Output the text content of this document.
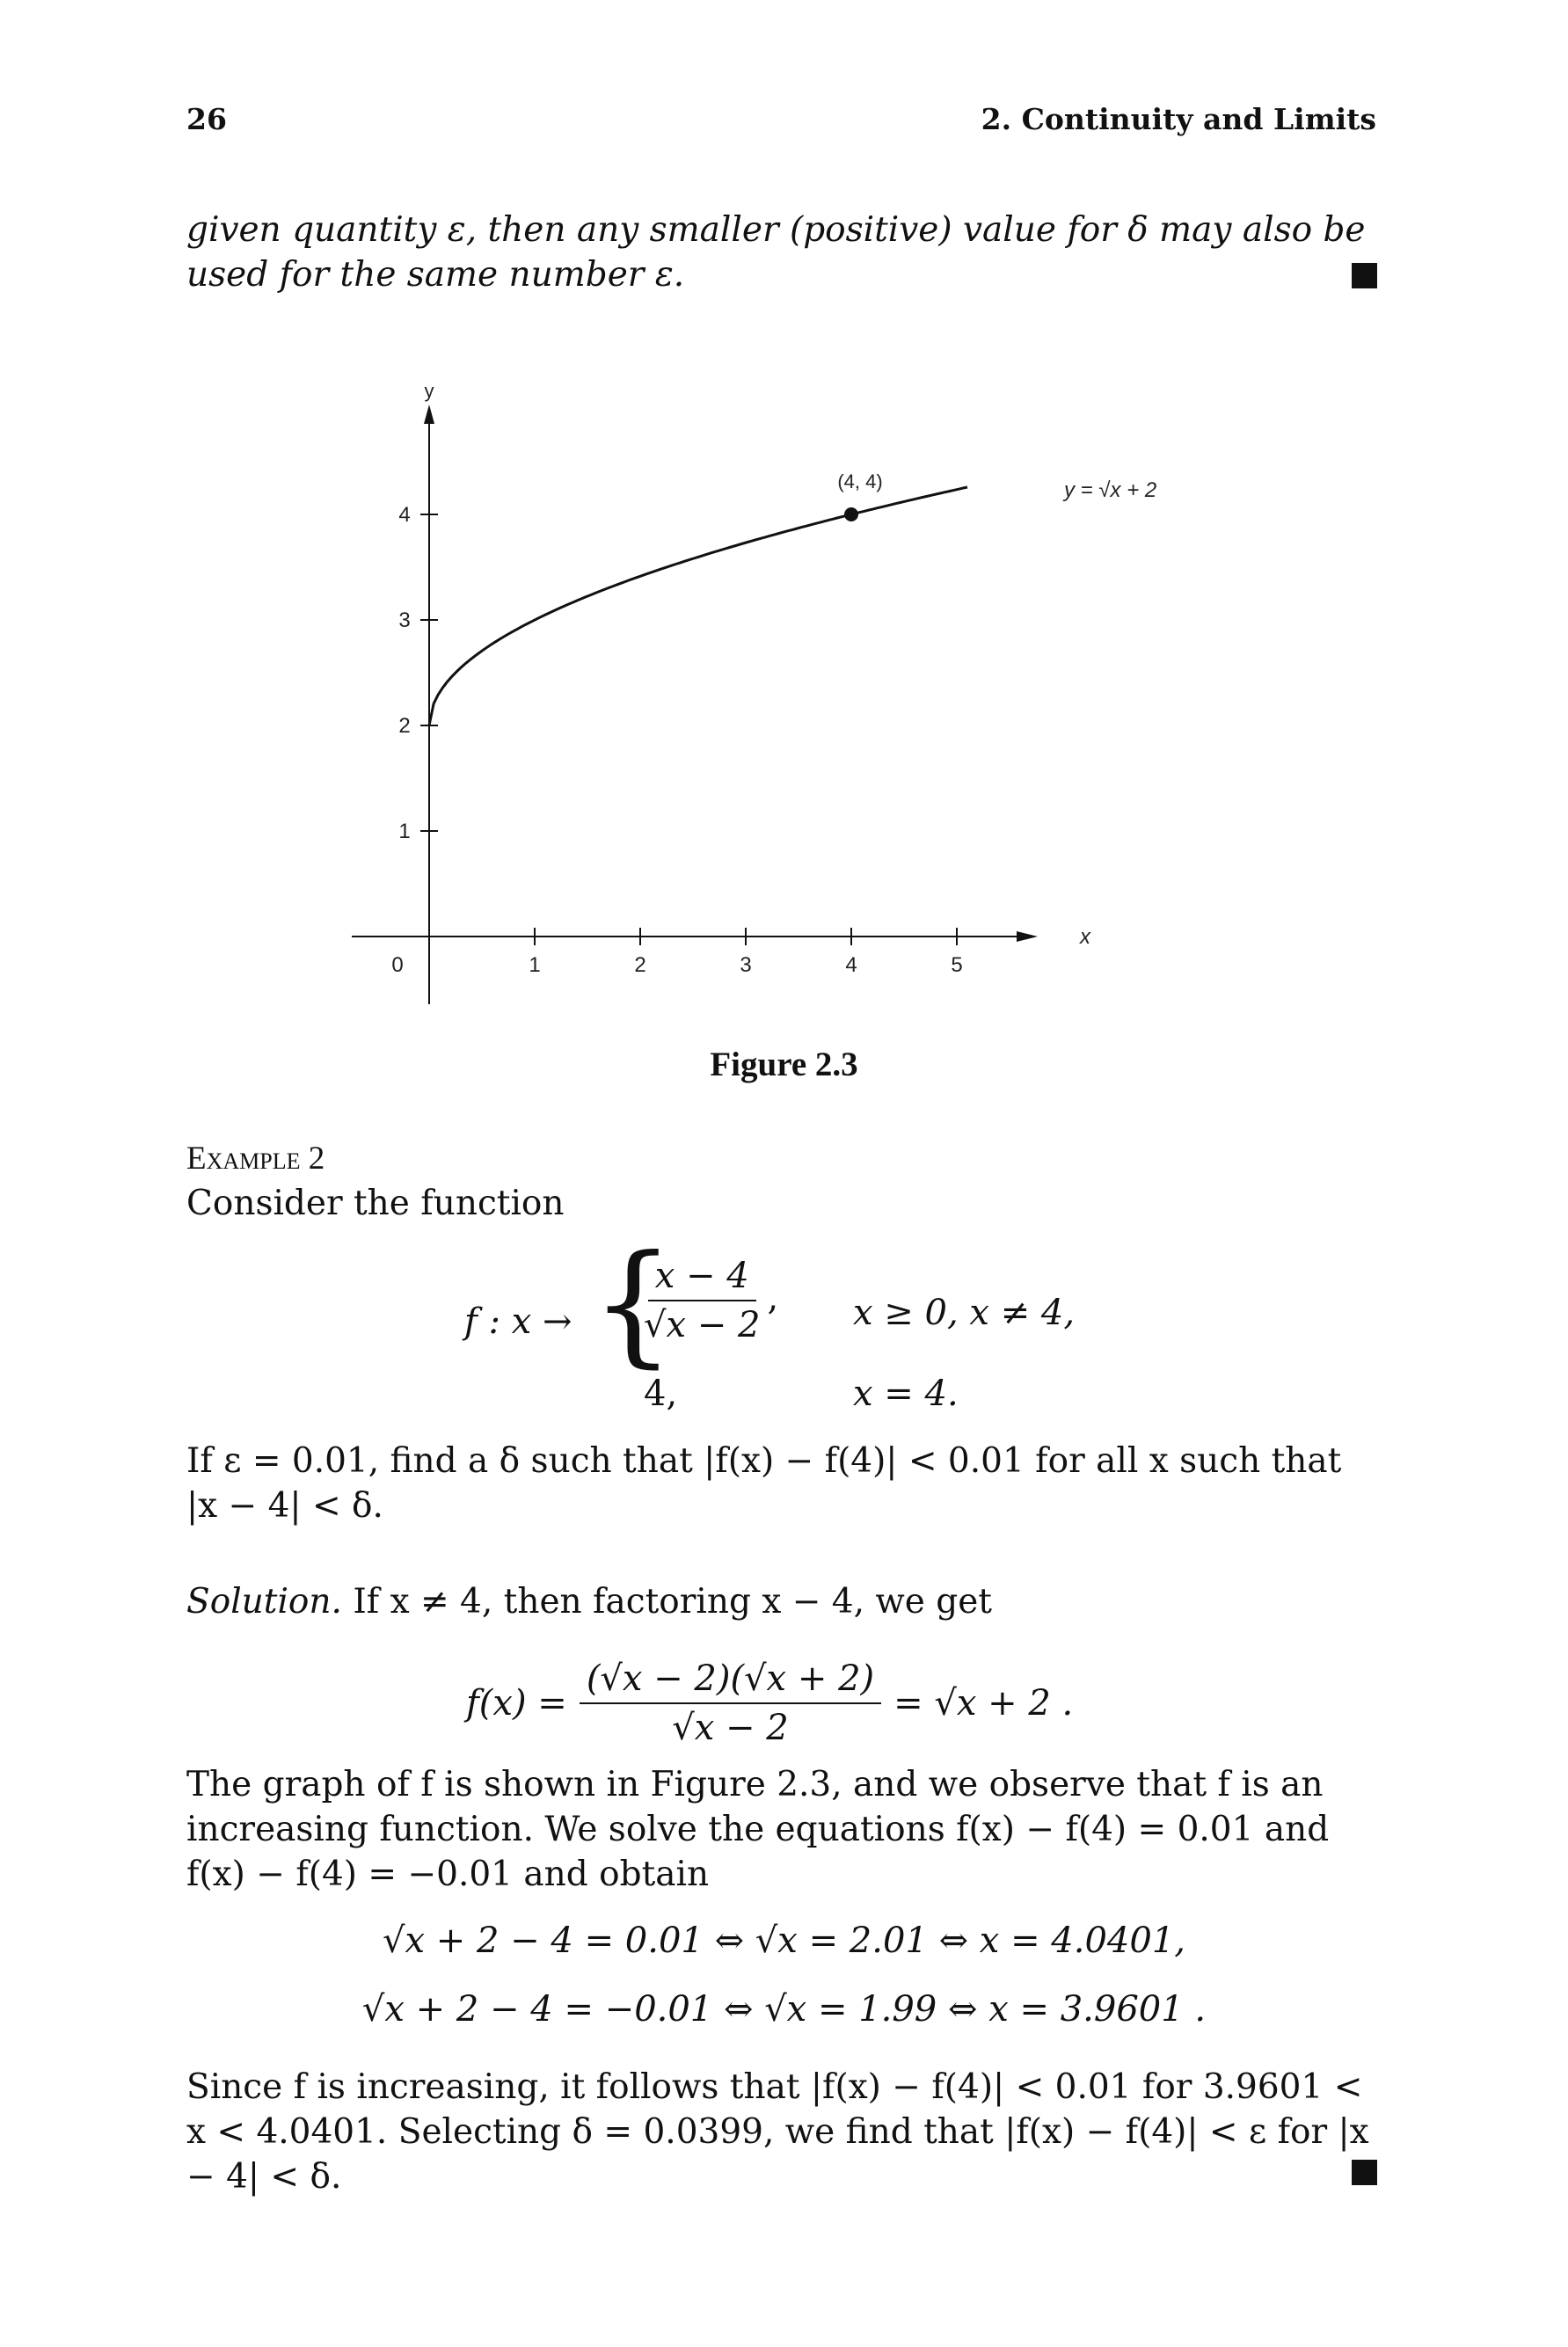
26	2. Continuity and Limits
given quantity ε, then any smaller (positive) value for δ may also be used for the same number ε.
y
x
0	1	2	3	4	5
1
2
3
4
(4, 4)	y = √x + 2
Figure 2.3
Example 2
Consider the function
f : x → {
$\frac{x - 4}{√x - 2}$ , x ≥ 0, x ≠ 4,
4,	x = 4.
If ε = 0.01, find a δ such that |f(x) − f(4)| < 0.01 for all x such that |x − 4| < δ.
Solution. If x ≠ 4, then factoring x − 4, we get
$f(x) = \frac{(√x - 2)(√x + 2)}{√x - 2} = √x + 2$ .
The graph of f is shown in Figure 2.3, and we observe that f is an increasing function. We solve the equations f(x) − f(4) = 0.01 and f(x) − f(4) = −0.01 and obtain
√x + 2 − 4 = 0.01 ⇔ √x = 2.01 ⇔ x = 4.0401,
√x + 2 − 4 = −0.01 ⇔ √x = 1.99 ⇔ x = 3.9601 .
Since f is increasing, it follows that |f(x) − f(4)| < 0.01 for 3.9601 < x < 4.0401. Selecting δ = 0.0399, we find that |f(x) − f(4)| < ε for |x − 4| < δ.
